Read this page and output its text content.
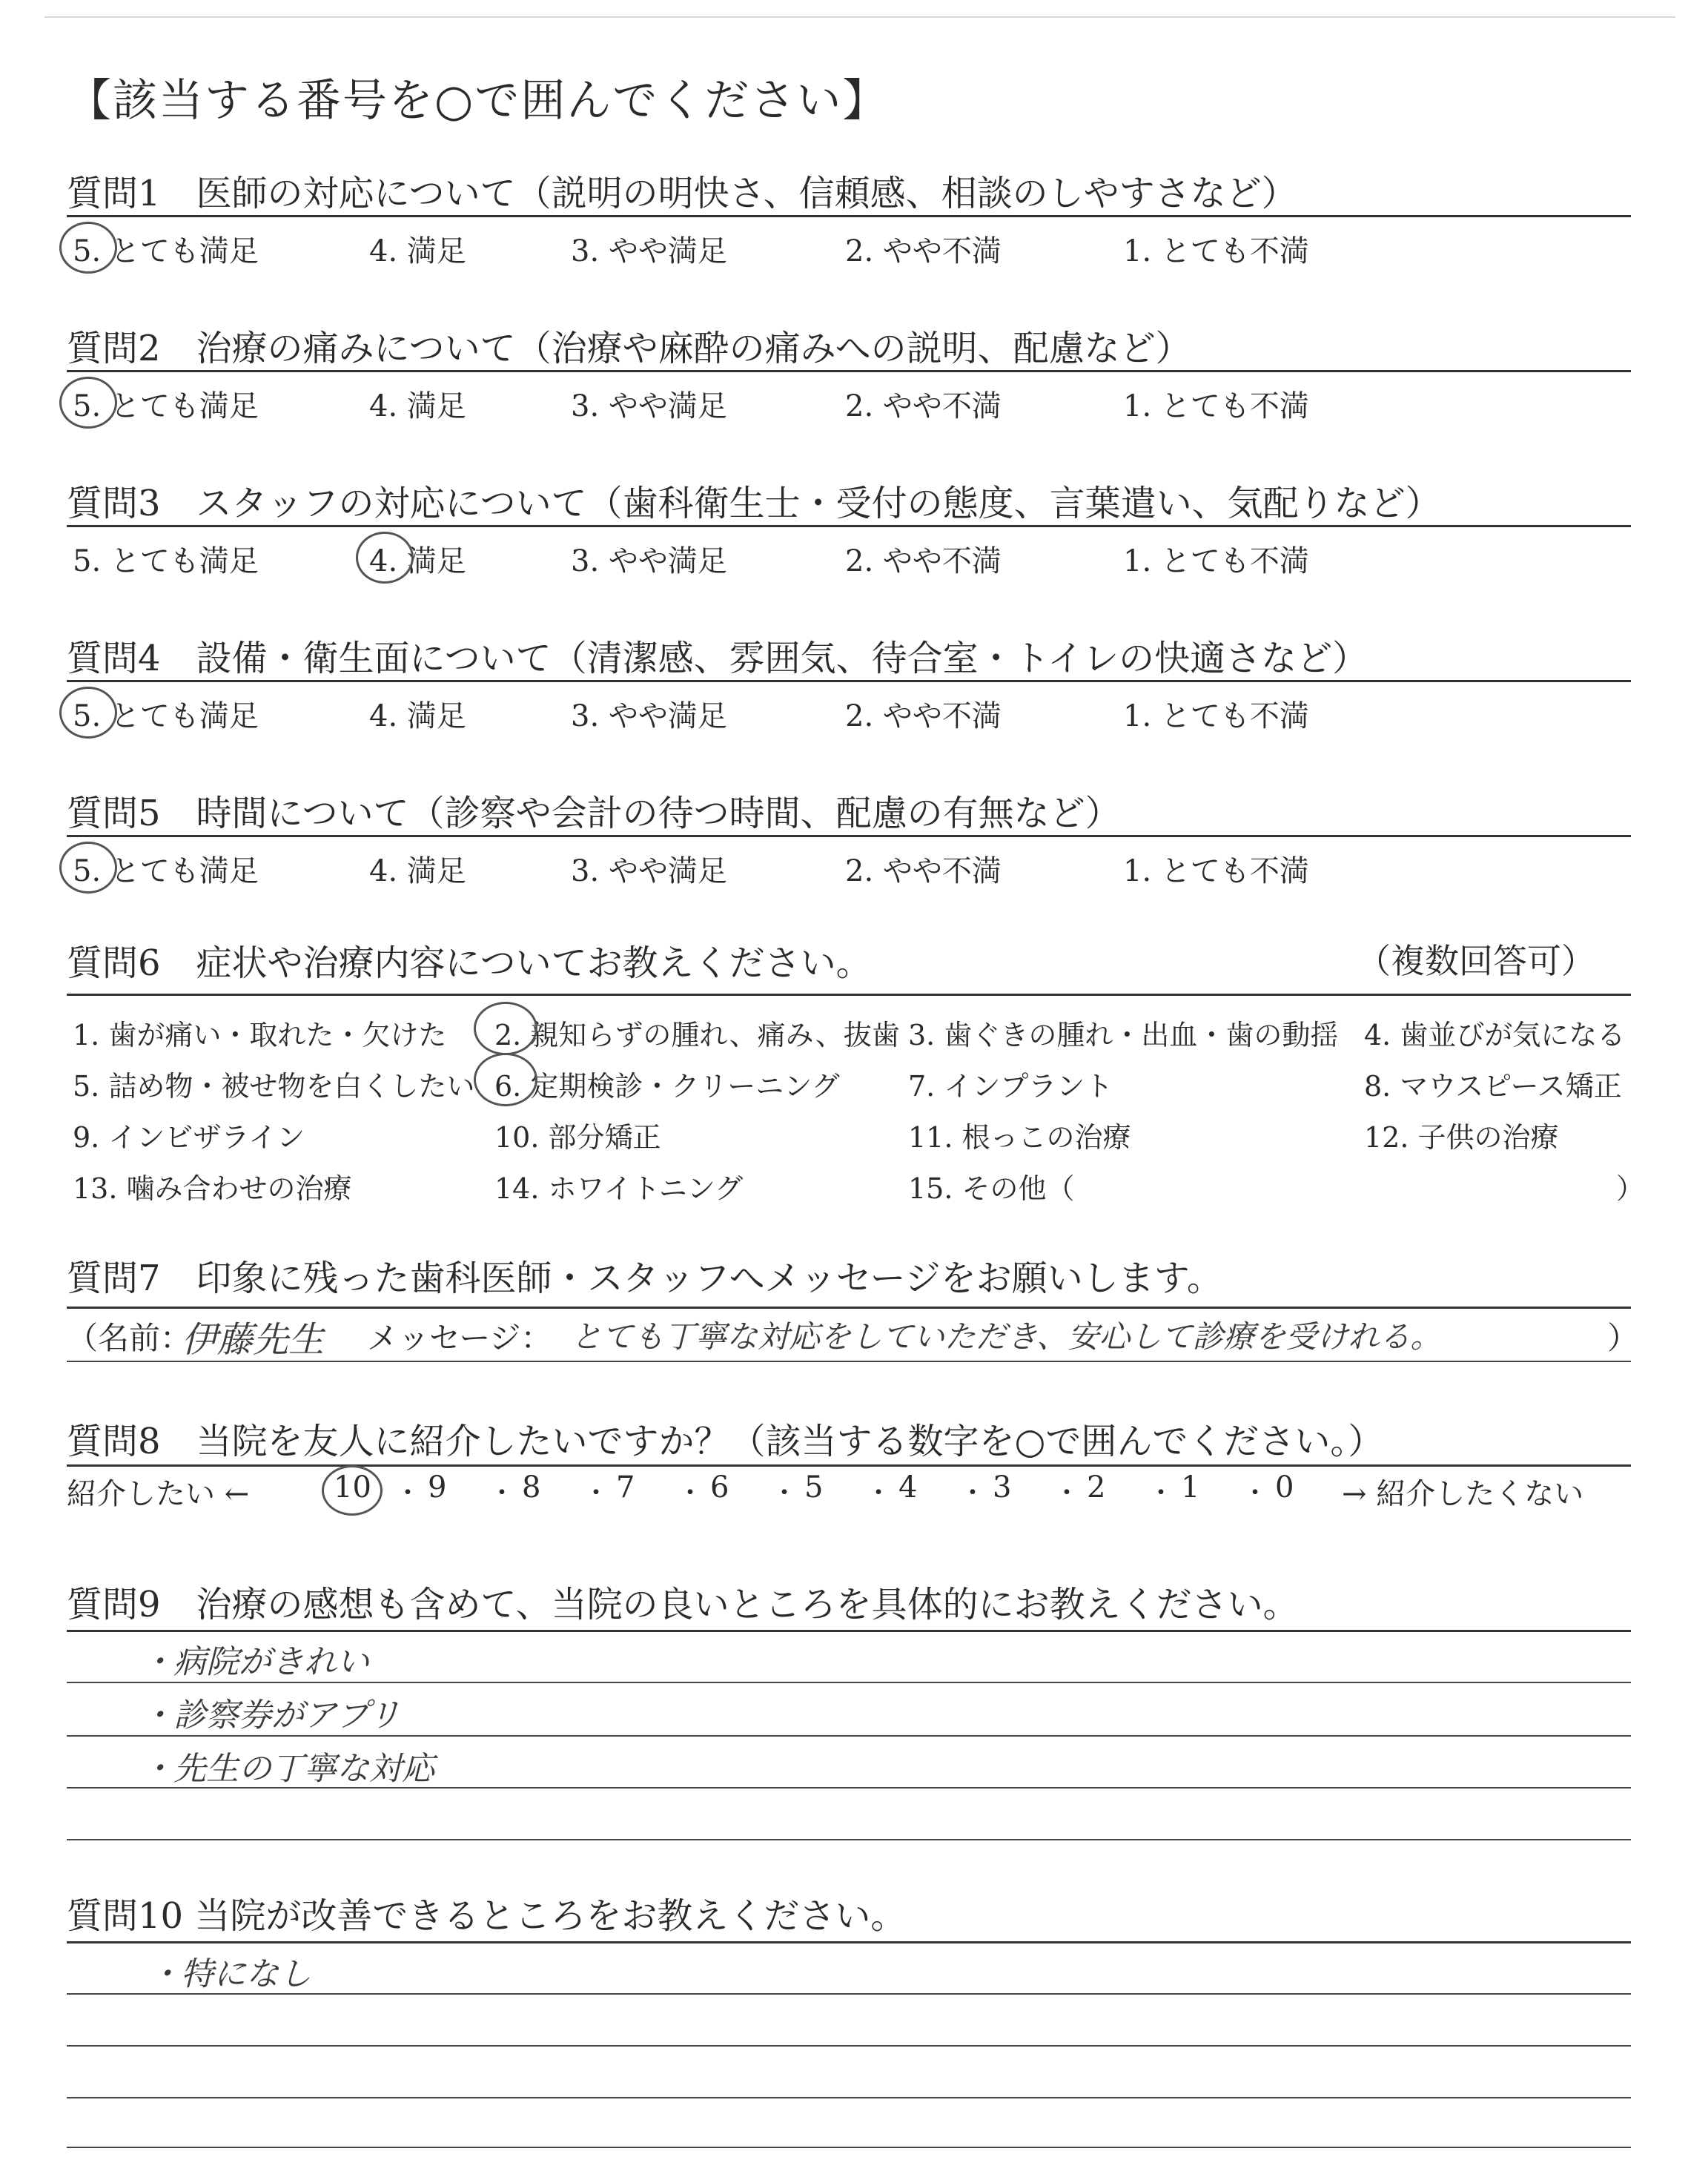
【該当する番号を○で囲んでください】
質問1　医師の対応について（説明の明快さ、信頼感、相談のしやすさなど）
5. とても満足	4. 満足	3. やや満足	2. やや不満	1. とても不満
質問2　治療の痛みについて（治療や麻酔の痛みへの説明、配慮など）
5. とても満足	4. 満足	3. やや満足	2. やや不満	1. とても不満
質問3　スタッフの対応について（歯科衛生士・受付の態度、言葉遣い、気配りなど）
5. とても満足	4. 満足	3. やや満足	2. やや不満	1. とても不満
質問4　設備・衛生面について（清潔感、雰囲気、待合室・トイレの快適さなど）
5. とても満足	4. 満足	3. やや満足	2. やや不満	1. とても不満
質問5　時間について（診察や会計の待つ時間、配慮の有無など）
5. とても満足	4. 満足	3. やや満足	2. やや不満	1. とても不満
質問6　症状や治療内容についてお教えください。	（複数回答可）
1. 歯が痛い・取れた・欠けた 2. 親知らずの腫れ、痛み、抜歯 3. 歯ぐきの腫れ・出血・歯の動揺 4. 歯並びが気になる
5. 詰め物・被せ物を白くしたい 6. 定期検診・クリーニング 7. インプラント	8. マウスピース矯正
9. インビザライン	10. 部分矯正	11. 根っこの治療	12. 子供の治療
13. 噛み合わせの治療	14. ホワイトニング	15. その他（	）
質問7　印象に残った歯科医師・スタッフへメッセージをお願いします。
（名前：
伊藤先生 メッセージ： とても丁寧な対応をしていただき、安心して診療を受けれる。	）
質問8　当院を友人に紹介したいですか？（該当する数字を○で囲んでください。）
紹介したい ←	→ 紹介したくない
10 ・ 9 ・ 8 ・ 7 ・ 6 ・ 5 ・ 4 ・ 3 ・ 2 ・ 1 ・ 0
質問9　治療の感想も含めて、当院の良いところを具体的にお教えください。
・病院がきれい
・診察券がアプリ
・先生の丁寧な対応
質問10 当院が改善できるところをお教えください。
・特になし
